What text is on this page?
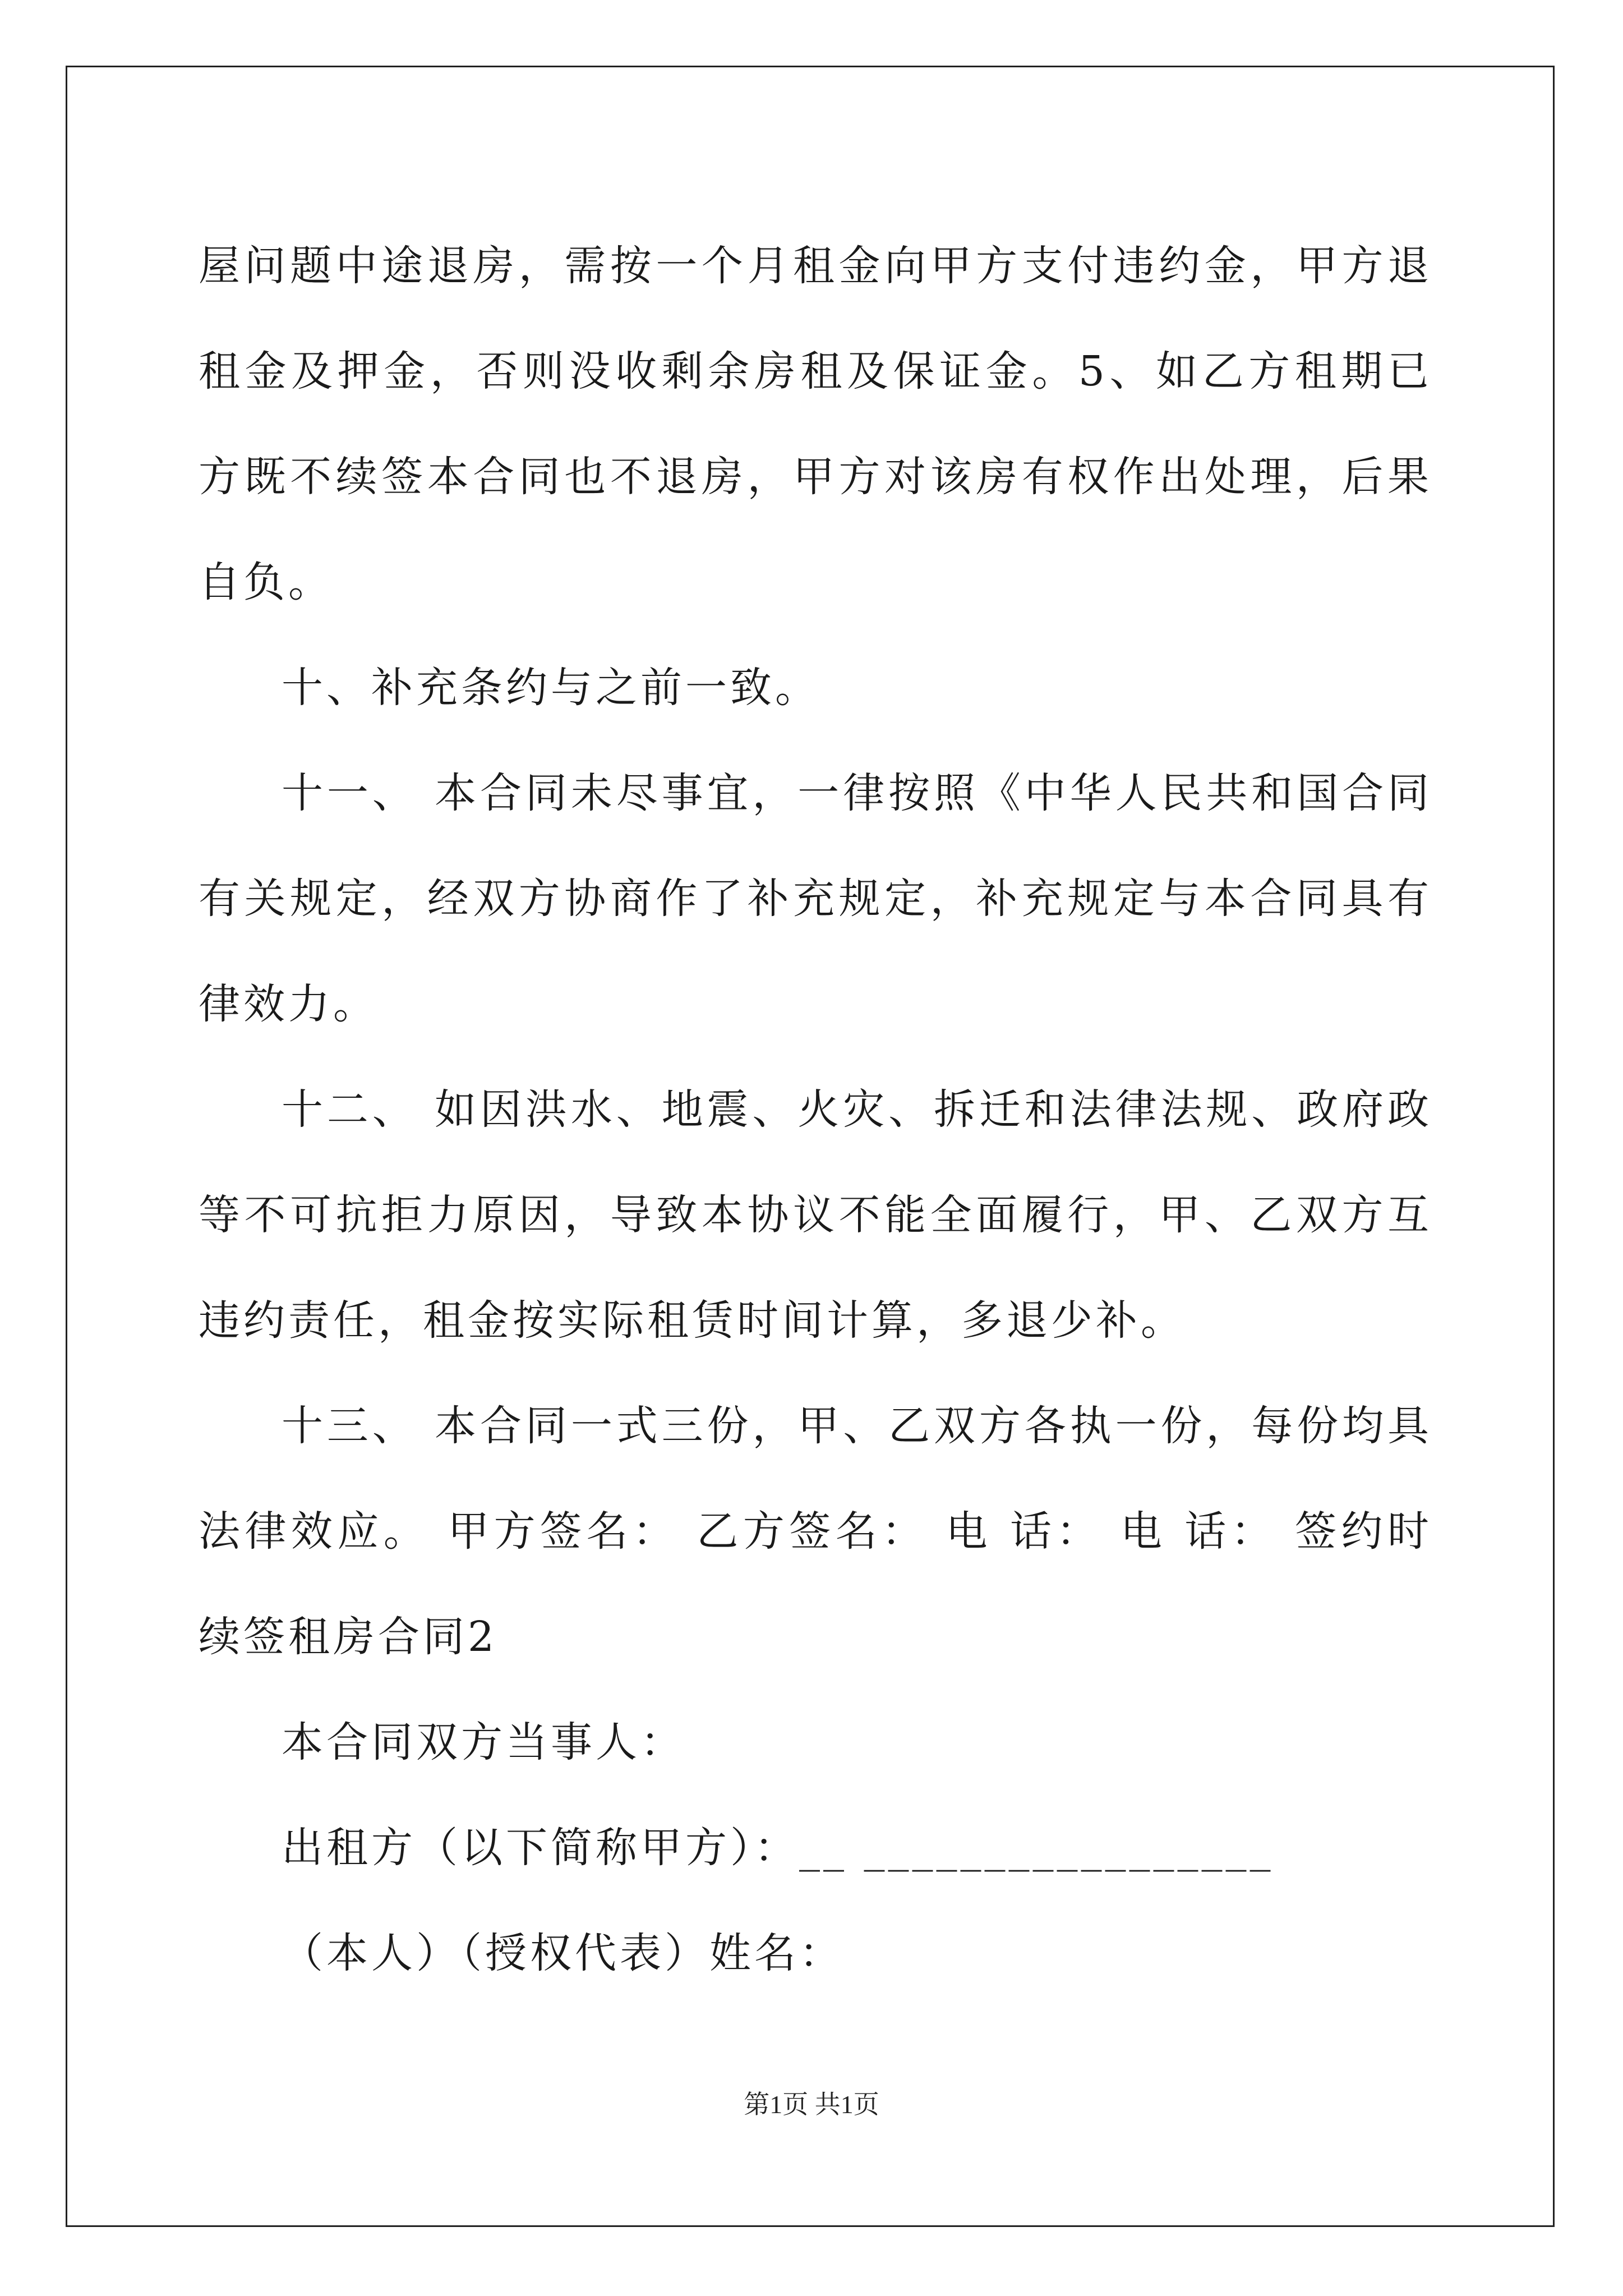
屋问题中途退房，需按一个月租金向甲方支付违约金，甲方退
租金及押金，否则没收剩余房租及保证金。5、如乙方租期已
方既不续签本合同也不退房，甲方对该房有权作出处理，后果
自负。
十、补充条约与之前一致。
十一、 本合同未尽事宜，一律按照《中华人民共和国合同
有关规定，经双方协商作了补充规定，补充规定与本合同具有
律效力。
十二、 如因洪水、地震、火灾、拆迁和法律法规、政府政
等不可抗拒力原因，导致本协议不能全面履行，甲、乙双方互
违约责任，租金按实际租赁时间计算，多退少补。
十三、 本合同一式三份，甲、乙双方各执一份，每份均具
法律效应。 甲方签名： 乙方签名： 电 话： 电 话： 签约时
续签租房合同2
本合同双方当事人：
出租方（以下简称甲方）：__ _________________
（本人）（授权代表）姓名：
第1页 共1页
